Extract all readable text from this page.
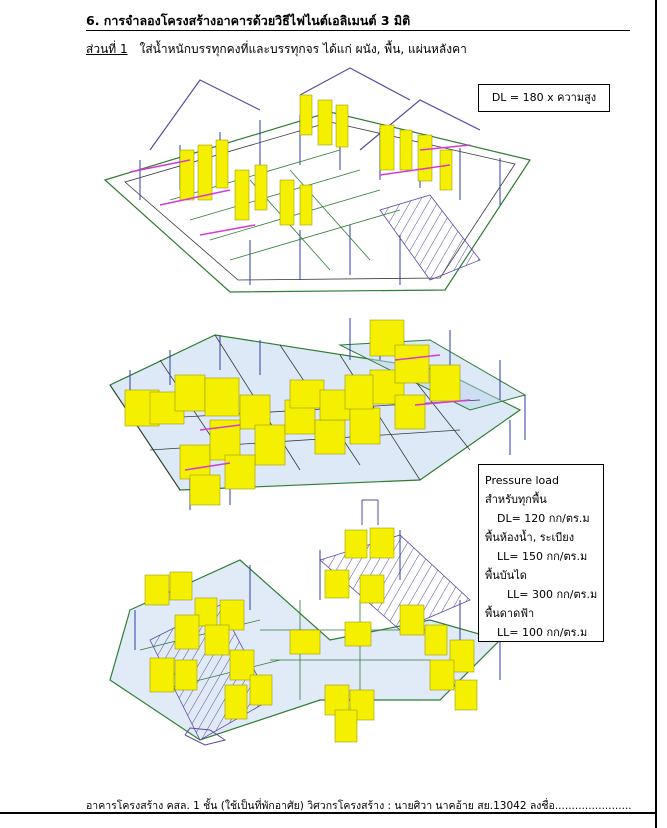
6. การจำลองโครงสร้างอาคารด้วยวิธีไฟไนต์เอลิเมนต์ 3 มิติ
ส่วนที่ 1 ใส่น้ำหนักบรรทุกคงที่และบรรทุกจร ได้แก่ ผนัง, พื้น, แผ่นหลังคา
DL = 180 x ความสูง
Pressure load
สำหรับทุกพื้น
DL= 120 กก/ตร.ม
พื้นห้องน้ำ, ระเบียง
LL= 150 กก/ตร.ม
พื้นบันได
LL= 300 กก/ตร.ม
พื้นดาดฟ้า
LL= 100 กก/ตร.ม
อาคารโครงสร้าง คสล. 1 ชั้น (ใช้เป็นที่พักอาศัย) วิศวกรโครงสร้าง : นายศิวา นาคอ้าย สย.13042 ลงชื่อ.......................
